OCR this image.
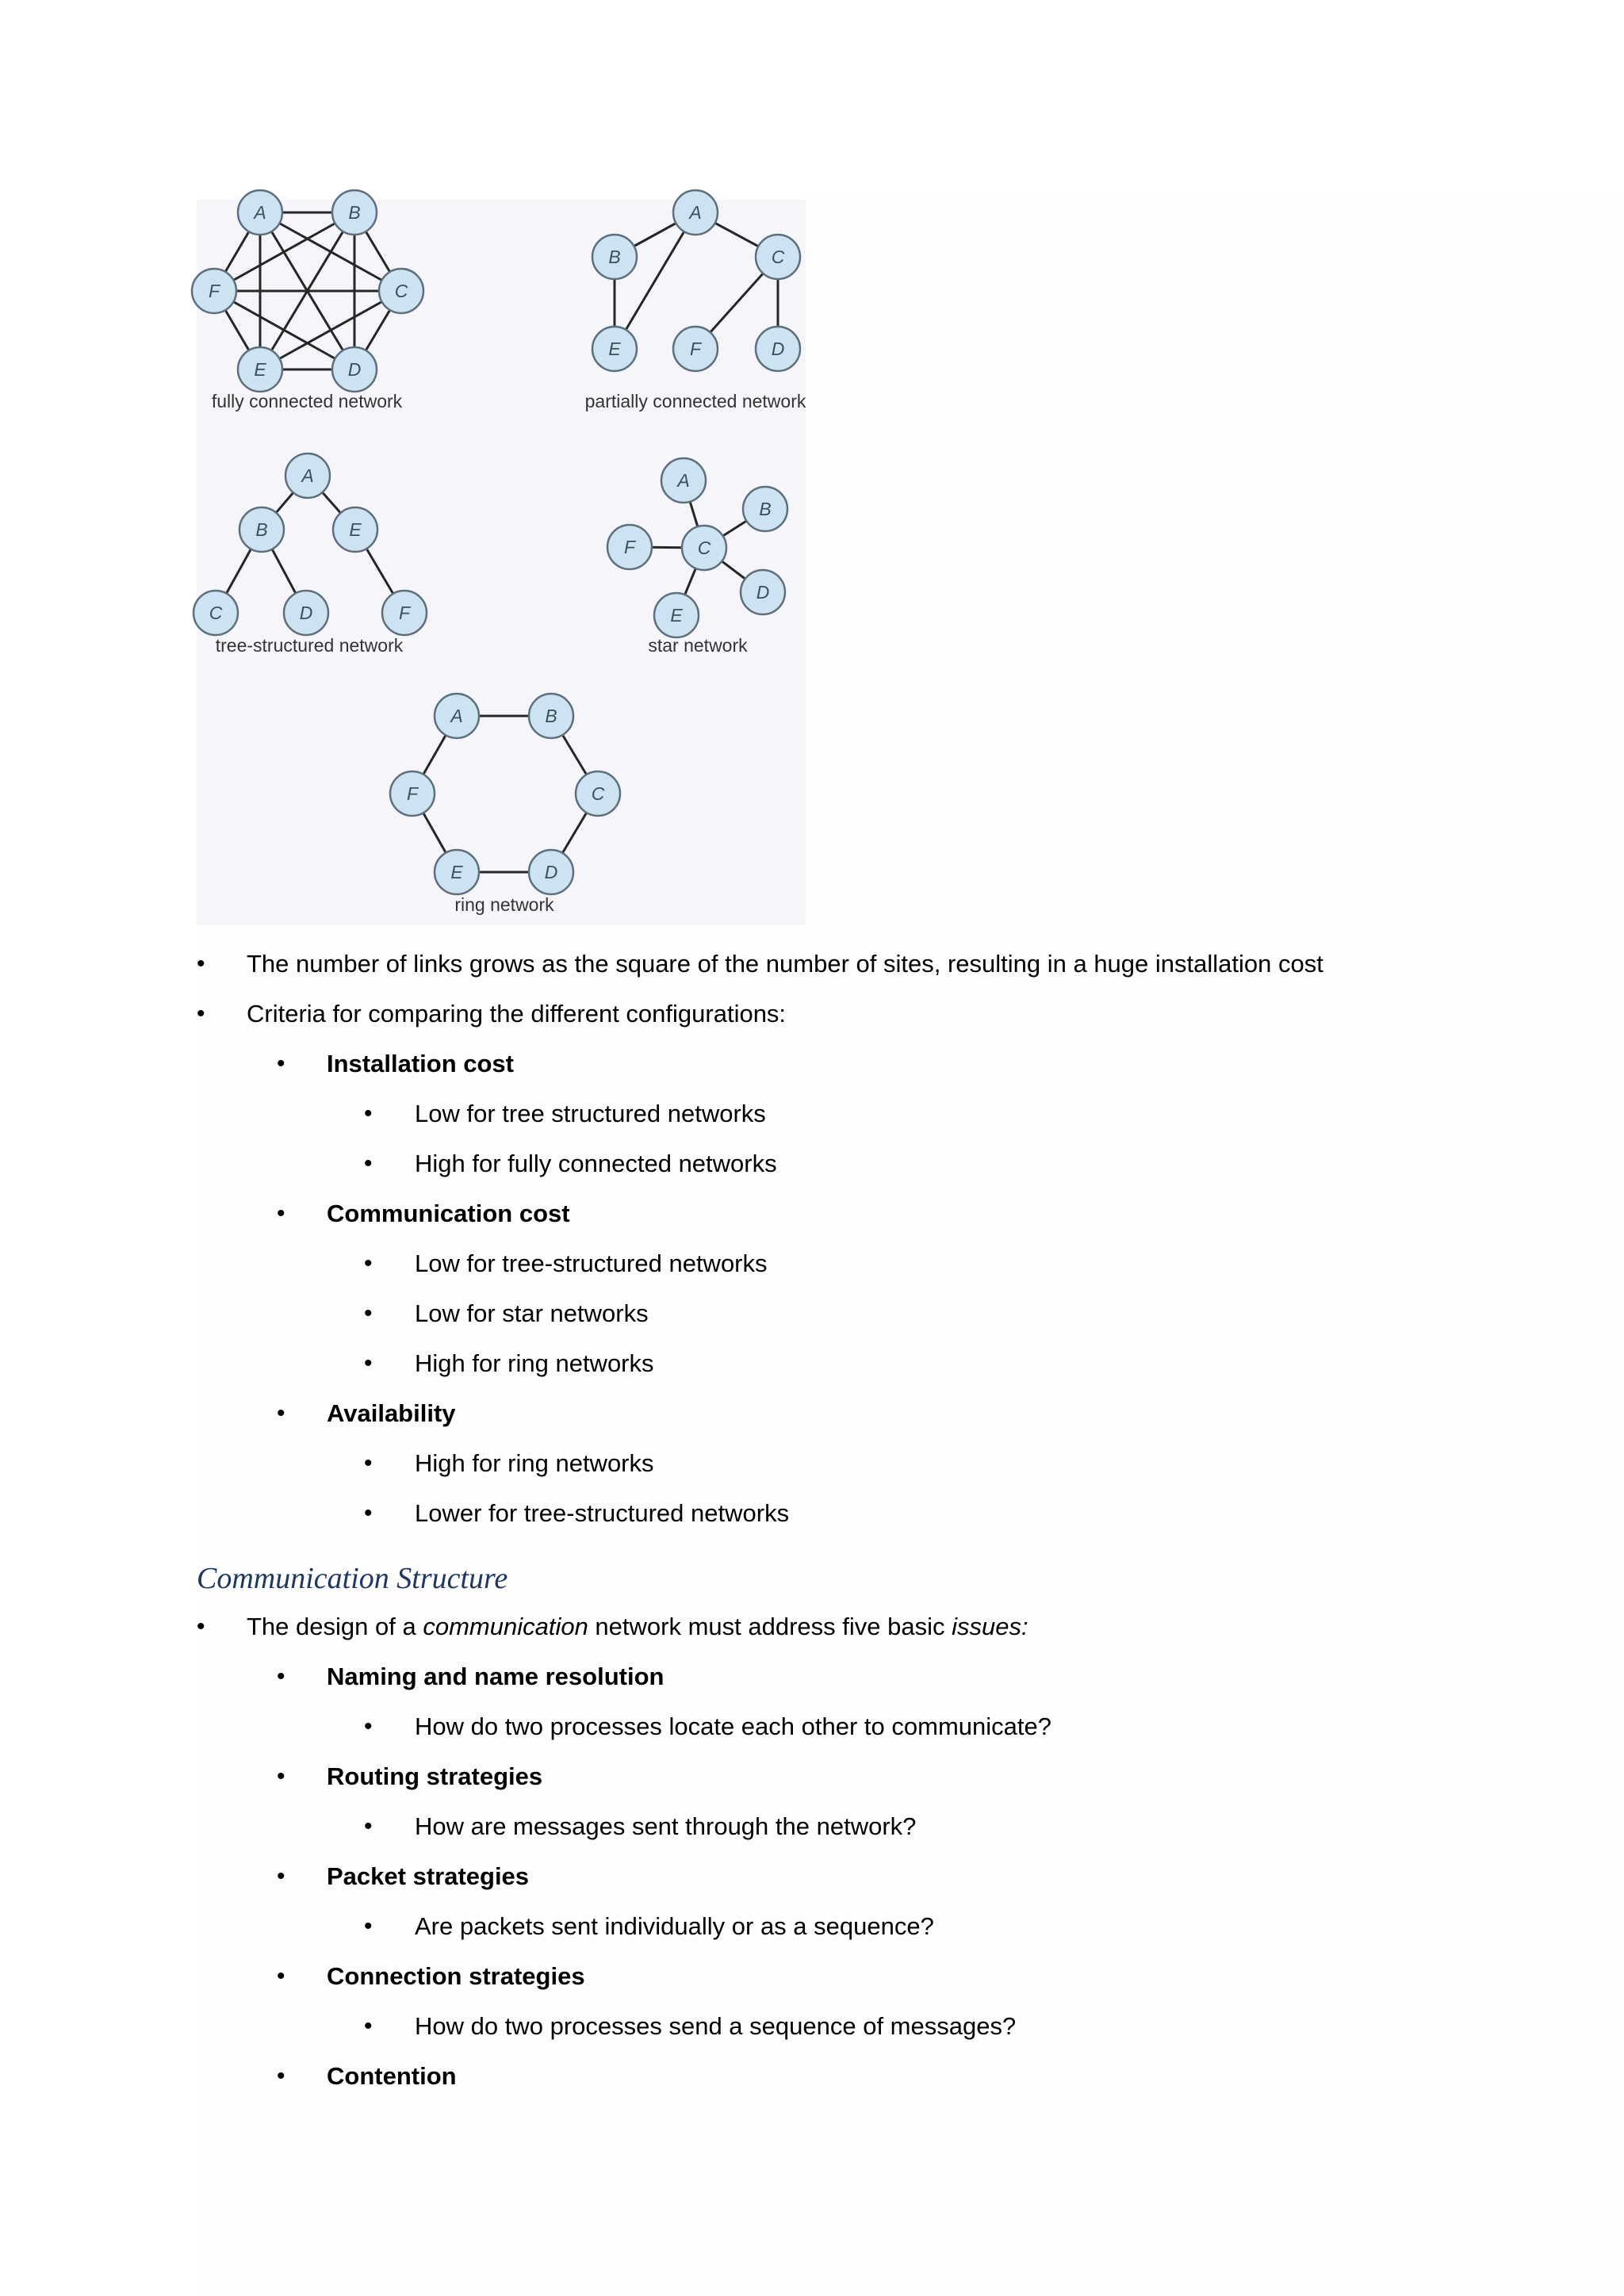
A	B
C
D
E
F
fully connected network
A
B	C
E	F	D
partially connected network
A
B	E
C	D	F
tree-structured network
A
B
C
D
E
F
star network
A	B
C
D
E
F
ring network
• The number of links grows as the square of the number of sites, resulting in a huge installation cost
• Criteria for comparing the different configurations:
• Installation cost
• Low for tree structured networks
• High for fully connected networks
• Communication cost
• Low for tree-structured networks
• Low for star networks
• High for ring networks
• Availability
• High for ring networks
• Lower for tree-structured networks
Communication Structure
• The design of a communication network must address five basic issues:
• Naming and name resolution
• How do two processes locate each other to communicate?
• Routing strategies
• How are messages sent through the network?
• Packet strategies
• Are packets sent individually or as a sequence?
• Connection strategies
• How do two processes send a sequence of messages?
• Contention
